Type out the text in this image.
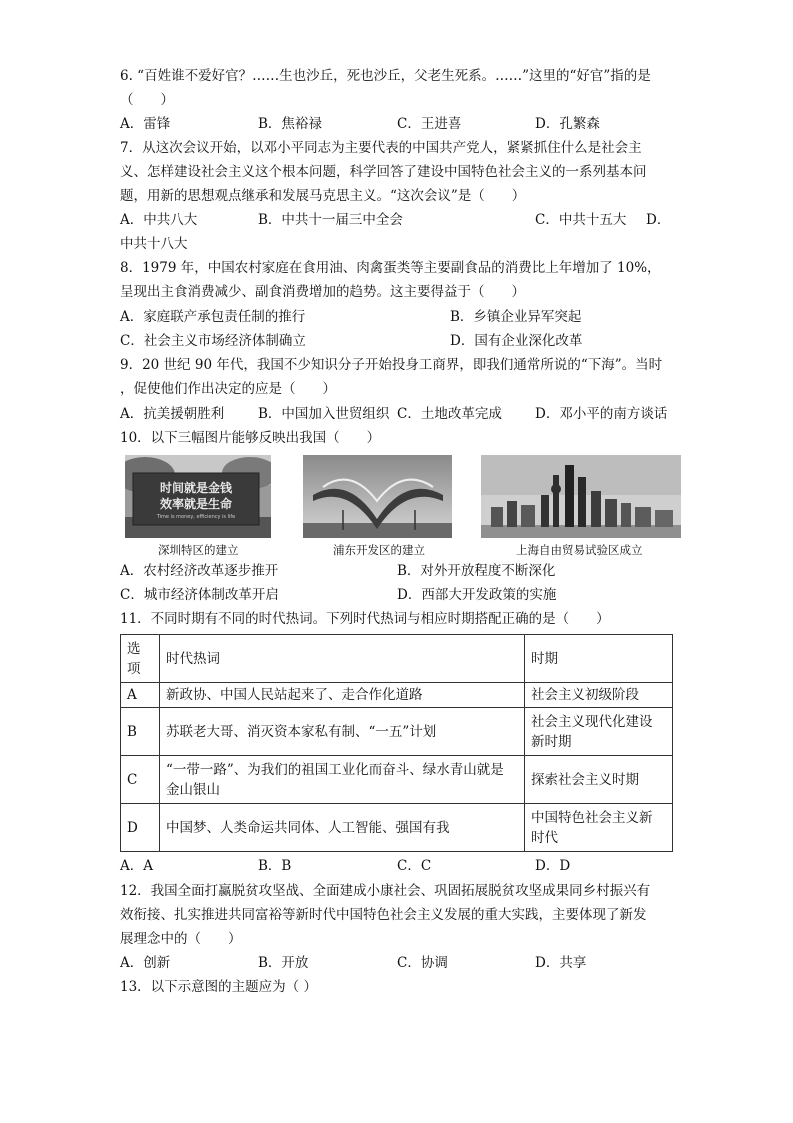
6. “百姓谁不爱好官？……生也沙丘，死也沙丘，父老生死系。……”这里的“好官”指的是
（　　）
A．雷锋	B．焦裕禄	C．王进喜	D．孔繁森
7．从这次会议开始，以邓小平同志为主要代表的中国共产党人，紧紧抓住什么是社会主
义、怎样建设社会主义这个根本问题，科学回答了建设中国特色社会主义的一系列基本问
题，用新的思想观点继承和发展马克思主义。“这次会议”是（　　）
A．中共八大	B．中共十一届三中全会	C．中共十五大 D．
中共十八大
8．1979 年，中国农村家庭在食用油、肉禽蛋类等主要副食品的消费比上年增加了 10%，
呈现出主食消费减少、副食消费增加的趋势。这主要得益于（　　）
A．家庭联产承包责任制的推行	B．乡镇企业异军突起
C．社会主义市场经济体制确立	D．国有企业深化改革
9．20 世纪 90 年代，我国不少知识分子开始投身工商界，即我们通常所说的“下海”。当时
，促使他们作出决定的应是（　　）
A．抗美援朝胜利	B．中国加入世贸组织 C．土地改革完成 D．邓小平的南方谈话
10．以下三幅图片能够反映出我国（　　）
时间就是金钱
效率就是生命
Time is money, efficiency is life
深圳特区的建立	浦东开发区的建立	上海自由贸易试验区成立
A．农村经济改革逐步推开	B．对外开放程度不断深化
C．城市经济体制改革开启	D．西部大开发政策的实施
11．不同时期有不同的时代热词。下列时代热词与相应时期搭配正确的是（　　）
选
项	时代热词	时期
A	新政协、中国人民站起来了、走合作化道路	社会主义初级阶段
B	苏联老大哥、消灭资本家私有制、“一五”计划	社会主义现代化建设
新时期
C	“一带一路”、为我们的祖国工业化而奋斗、绿水青山就是
金山银山	探索社会主义时期
D	中国梦、人类命运共同体、人工智能、强国有我	中国特色社会主义新
时代
A．A	B．B	C．C	D．D
12．我国全面打赢脱贫攻坚战、全面建成小康社会、巩固拓展脱贫攻坚成果同乡村振兴有
效衔接、扎实推进共同富裕等新时代中国特色社会主义发展的重大实践，主要体现了新发
展理念中的（　　）
A．创新	B．开放	C．协调	D．共享
13．以下示意图的主题应为（ ）
